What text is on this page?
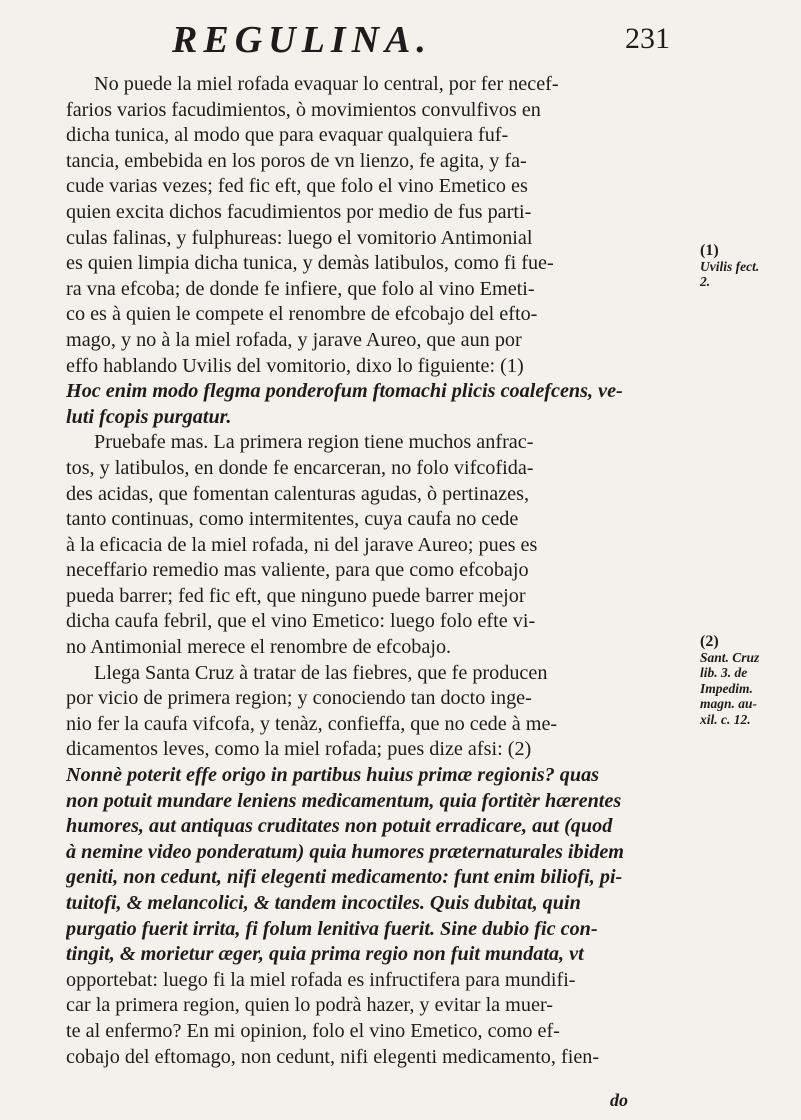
REGULINA.	231
No puede la miel rofada evaquar lo central, por fer necef-
farios varios facudimientos, ò movimientos convulfivos en
dicha tunica, al modo que para evaquar qualquiera fuf-
tancia, embebida en los poros de vn lienzo, fe agita, y fa-
cude varias vezes; fed fic eft, que folo el vino Emetico es
quien excita dichos facudimientos por medio de fus parti-
culas falinas, y fulphureas: luego el vomitorio Antimonial
es quien limpia dicha tunica, y demàs latibulos, como fi fue-
ra vna efcoba; de donde fe infiere, que folo al vino Emeti-
co es à quien le compete el renombre de efcobajo del efto-
mago, y no à la miel rofada, y jarave Aureo, que aun por
effo hablando Uvilis del vomitorio, dixo lo figuiente: (1)
Hoc enim modo flegma ponderofum ftomachi plicis coalefcens, ve-
luti fcopis purgatur.
Pruebafe mas. La primera region tiene muchos anfrac-
tos, y latibulos, en donde fe encarceran, no folo vifcofida-
des acidas, que fomentan calenturas agudas, ò pertinazes,
tanto continuas, como intermitentes, cuya caufa no cede
à la eficacia de la miel rofada, ni del jarave Aureo; pues es
neceffario remedio mas valiente, para que como efcobajo
pueda barrer; fed fic eft, que ninguno puede barrer mejor
dicha caufa febril, que el vino Emetico: luego folo efte vi-
no Antimonial merece el renombre de efcobajo.
Llega Santa Cruz à tratar de las fiebres, que fe producen
por vicio de primera region; y conociendo tan docto inge-
nio fer la caufa vifcofa, y tenàz, confieffa, que no cede à me-
dicamentos leves, como la miel rofada; pues dize afsi: (2)
Nonnè poterit effe origo in partibus huius primæ regionis? quas
non potuit mundare leniens medicamentum, quia fortitèr hærentes
humores, aut antiquas cruditates non potuit erradicare, aut (quod
à nemine video ponderatum) quia humores præternaturales ibidem
geniti, non cedunt, nifi elegenti medicamento: funt enim biliofi, pi-
tuitofi, & melancolici, & tandem incoctiles. Quis dubitat, quin
purgatio fuerit irrita, fi folum lenitiva fuerit. Sine dubio fic con-
tingit, & morietur æger, quia prima regio non fuit mundata, vt
opportebat: luego fi la miel rofada es infructifera para mundifi-
car la primera region, quien lo podrà hazer, y evitar la muer-
te al enfermo? En mi opinion, folo el vino Emetico, como ef-
cobajo del eftomago, non cedunt, nifi elegenti medicamento, fien-
(1)
Uvilis fect.
2.
(2)
Sant. Cruz
lib. 3. de
Impedim.
magn. au-
xil. c. 12.
do
